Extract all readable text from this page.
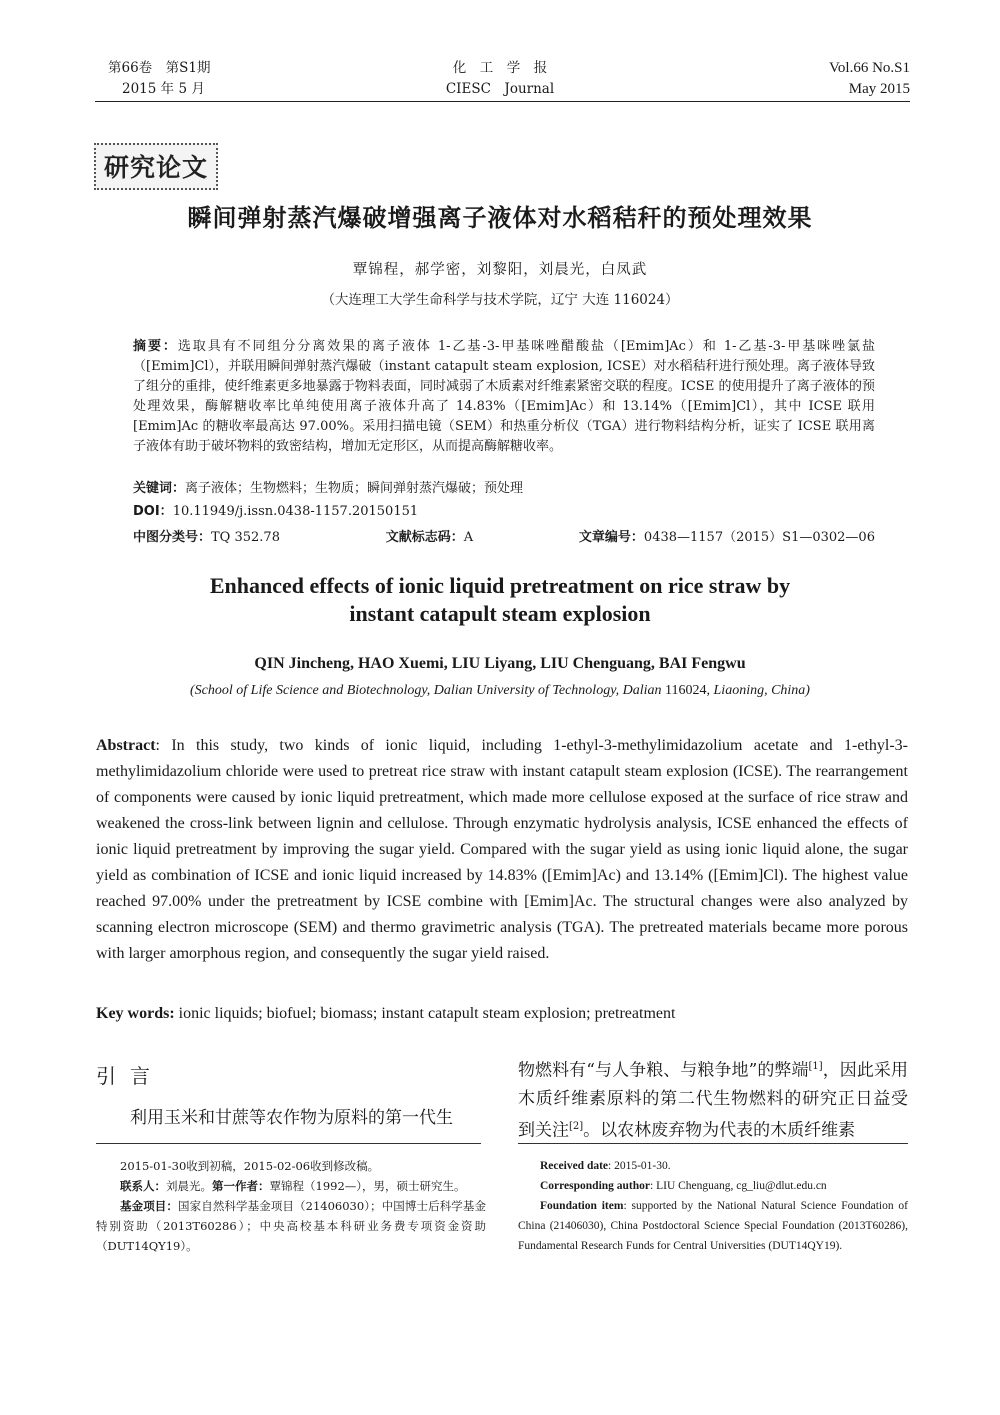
第66卷　第S1期
2015 年 5 月
化　工　学　报
CIESC　Journal
Vol.66 No.S1
May 2015
研究论文
瞬间弹射蒸汽爆破增强离子液体对水稻秸秆的预处理效果
覃锦程，郝学密，刘黎阳，刘晨光，白凤武
（大连理工大学生命科学与技术学院，辽宁 大连 116024）
摘要：选取具有不同组分分离效果的离子液体 1-乙基-3-甲基咪唑醋酸盐（[Emim]Ac）和 1-乙基-3-甲基咪唑氯盐（[Emim]Cl），并联用瞬间弹射蒸汽爆破（instant catapult steam explosion, ICSE）对水稻秸秆进行预处理。离子液体导致了组分的重排，使纤维素更多地暴露于物料表面，同时减弱了木质素对纤维素紧密交联的程度。ICSE 的使用提升了离子液体的预处理效果，酶解糖收率比单纯使用离子液体升高了 14.83%（[Emim]Ac）和 13.14%（[Emim]Cl），其中 ICSE 联用[Emim]Ac 的糖收率最高达 97.00%。采用扫描电镜（SEM）和热重分析仪（TGA）进行物料结构分析，证实了 ICSE 联用离子液体有助于破坏物料的致密结构，增加无定形区，从而提高酶解糖收率。
关键词：离子液体；生物燃料；生物质；瞬间弹射蒸汽爆破；预处理
DOI：10.11949/j.issn.0438-1157.20150151
中图分类号：TQ 352.78	文献标志码：A	文章编号：0438—1157（2015）S1—0302—06
Enhanced effects of ionic liquid pretreatment on rice straw by
instant catapult steam explosion
QIN Jincheng, HAO Xuemi, LIU Liyang, LIU Chenguang, BAI Fengwu
(School of Life Science and Biotechnology, Dalian University of Technology, Dalian 116024, Liaoning, China)
Abstract: In this study, two kinds of ionic liquid, including 1-ethyl-3-methylimidazolium acetate and 1-ethyl-3-methylimidazolium chloride were used to pretreat rice straw with instant catapult steam explosion (ICSE). The rearrangement of components were caused by ionic liquid pretreatment, which made more cellulose exposed at the surface of rice straw and weakened the cross-link between lignin and cellulose. Through enzymatic hydrolysis analysis, ICSE enhanced the effects of ionic liquid pretreatment by improving the sugar yield. Compared with the sugar yield as using ionic liquid alone, the sugar yield as combination of ICSE and ionic liquid increased by 14.83% ([Emim]Ac) and 13.14% ([Emim]Cl). The highest value reached 97.00% under the pretreatment by ICSE combine with [Emim]Ac. The structural changes were also analyzed by scanning electron microscope (SEM) and thermo gravimetric analysis (TGA). The pretreated materials became more porous with larger amorphous region, and consequently the sugar yield raised.
Key words: ionic liquids; biofuel; biomass; instant catapult steam explosion; pretreatment
引言
利用玉米和甘蔗等农作物为原料的第一代生
物燃料有“与人争粮、与粮争地”的弊端[1]，因此采用木质纤维素原料的第二代生物燃料的研究正日益受到关注[2]。以农林废弃物为代表的木质纤维素
2015-01-30收到初稿，2015-02-06收到修改稿。
联系人：刘晨光。第一作者：覃锦程（1992—），男，硕士研究生。
基金项目：国家自然科学基金项目（21406030）；中国博士后科学基金特别资助（2013T60286）；中央高校基本科研业务费专项资金资助（DUT14QY19）。
Received date: 2015-01-30.
Corresponding author: LIU Chenguang, cg_liu@dlut.edu.cn
Foundation item: supported by the National Natural Science Foundation of China (21406030), China Postdoctoral Science Special Foundation (2013T60286), Fundamental Research Funds for Central Universities (DUT14QY19).
